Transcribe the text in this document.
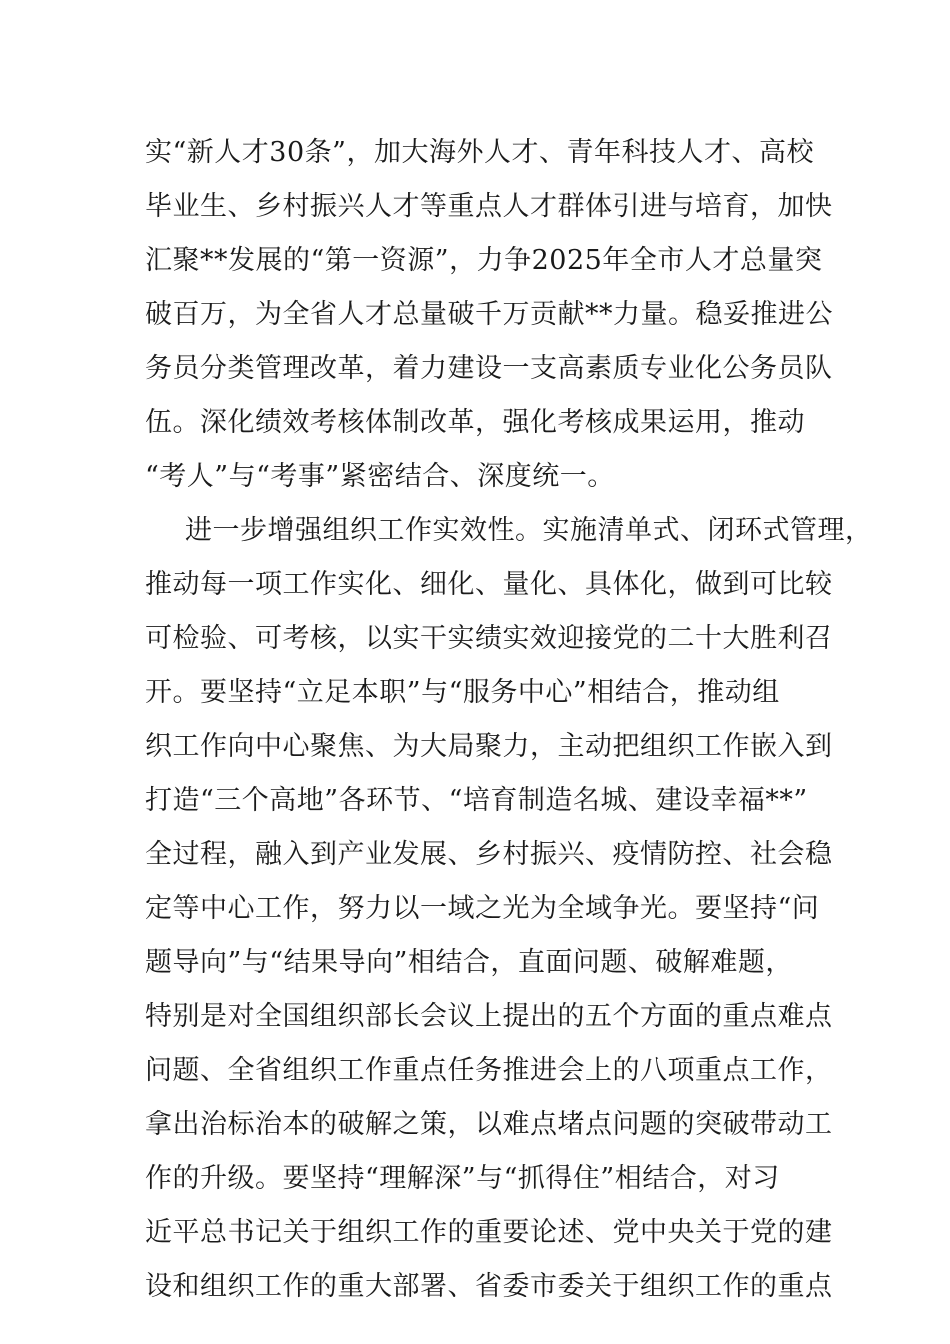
实“新人才30条”，加大海外人才、青年科技人才、高校
毕业生、乡村振兴人才等重点人才群体引进与培育，加快
汇聚**发展的“第一资源”，力争2025年全市人才总量突
破百万，为全省人才总量破千万贡献**力量。稳妥推进公
务员分类管理改革，着力建设一支高素质专业化公务员队
伍。深化绩效考核体制改革，强化考核成果运用，推动
“考人”与“考事”紧密结合、深度统一。
进一步增强组织工作实效性。实施清单式、闭环式管理，
推动每一项工作实化、细化、量化、具体化，做到可比较
可检验、可考核，以实干实绩实效迎接党的二十大胜利召
开。要坚持“立足本职”与“服务中心”相结合，推动组
织工作向中心聚焦、为大局聚力，主动把组织工作嵌入到
打造“三个高地”各环节、“培育制造名城、建设幸福**”
全过程，融入到产业发展、乡村振兴、疫情防控、社会稳
定等中心工作，努力以一域之光为全域争光。要坚持“问
题导向”与“结果导向”相结合，直面问题、破解难题，
特别是对全国组织部长会议上提出的五个方面的重点难点
问题、全省组织工作重点任务推进会上的八项重点工作，
拿出治标治本的破解之策，以难点堵点问题的突破带动工
作的升级。要坚持“理解深”与“抓得住”相结合，对习
近平总书记关于组织工作的重要论述、党中央关于党的建
设和组织工作的重大部署、省委市委关于组织工作的重点
